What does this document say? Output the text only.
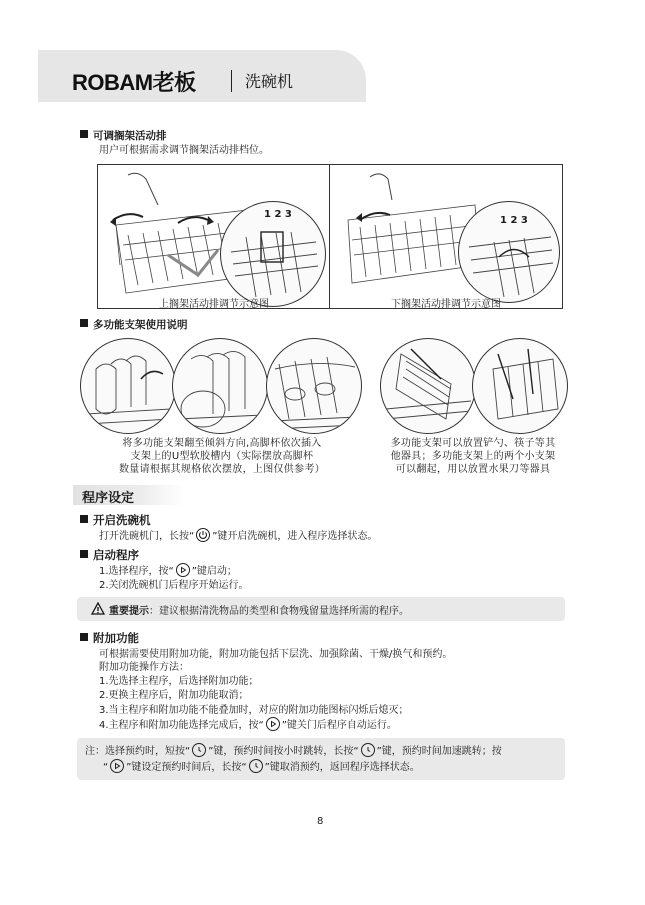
ROBAM老板	洗碗机
可调搁架活动排
用户可根据需求调节搁架活动排档位。
1 2 3
上搁架活动排调节示意图
1 2 3
下搁架活动排调节示意图
多功能支架使用说明
将多功能支架翻至倾斜方向,高脚杯依次插入
支架上的U型软胶槽内（实际摆放高脚杯
数量请根据其规格依次摆放，上图仅供参考）
多功能支架可以放置铲勺、筷子等其
他器具；多功能支架上的两个小支架
可以翻起，用以放置水果刀等器具
程序设定
开启洗碗机
打开洗碗机门，长按“ ”键开启洗碗机，进入程序选择状态。
启动程序
1.选择程序，按“ ”键启动；
2.关闭洗碗机门后程序开始运行。
重要提示：建议根据清洗物品的类型和食物残留量选择所需的程序。
附加功能
可根据需要使用附加功能，附加功能包括下层洗、加强除菌、干燥/换气和预约。
附加功能操作方法：
1.先选择主程序，后选择附加功能；
2.更换主程序后，附加功能取消；
3.当主程序和附加功能不能叠加时，对应的附加功能图标闪烁后熄灭；
4.主程序和附加功能选择完成后，按“ ”键关门后程序自动运行。
注：选择预约时，短按“ ”键，预约时间按小时跳转，长按“ ”键，预约时间加速跳转；按
“ ”键设定预约时间后，长按“ ”键取消预约，返回程序选择状态。
8
